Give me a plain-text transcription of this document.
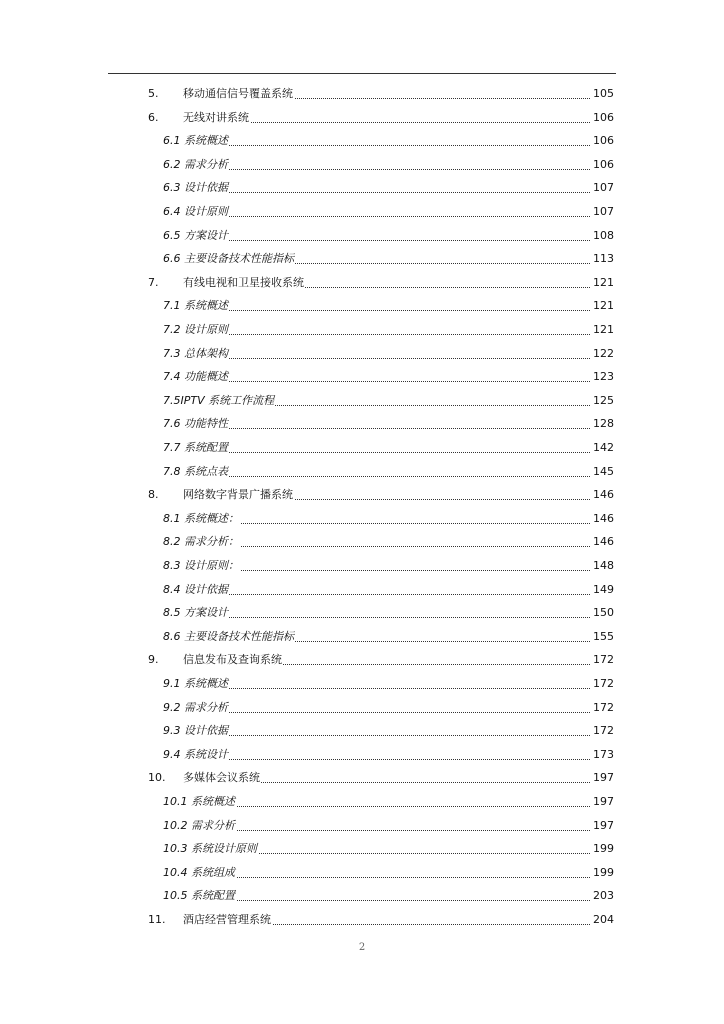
5. 移动通信信号覆盖系统	105
6. 无线对讲系统	106
6.1 系统概述	106
6.2 需求分析	106
6.3 设计依据	107
6.4 设计原则	107
6.5 方案设计	108
6.6 主要设备技术性能指标	113
7. 有线电视和卫星接收系统	121
7.1 系统概述	121
7.2 设计原则	121
7.3 总体架构	122
7.4 功能概述	123
7.5IPTV 系统工作流程	125
7.6 功能特性	128
7.7 系统配置	142
7.8 系统点表	145
8. 网络数字背景广播系统	146
8.1 系统概述：	146
8.2 需求分析：	146
8.3 设计原则：	148
8.4 设计依据	149
8.5 方案设计	150
8.6 主要设备技术性能指标	155
9. 信息发布及查询系统	172
9.1 系统概述	172
9.2 需求分析	172
9.3 设计依据	172
9.4 系统设计	173
10. 多媒体会议系统	197
10.1 系统概述	197
10.2 需求分析	197
10.3 系统设计原则	199
10.4 系统组成	199
10.5 系统配置	203
11. 酒店经营管理系统	204
2
